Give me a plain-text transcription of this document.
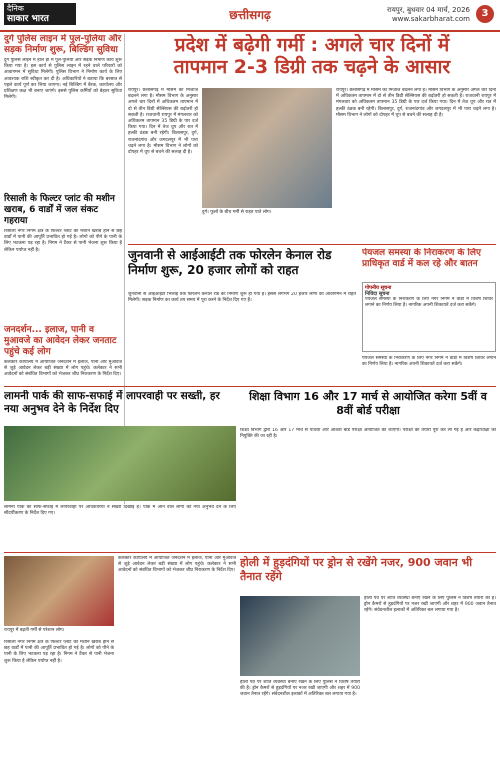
दैनिक
साकार भारत	छत्तीसगढ़	रायपुर, बुधवार 04 मार्च, 2026
www.sakarbharat.com	3
दुर्ग पुलिस लाइन में पुल-पुलिया और सड़क निर्माण शुरू, बिल्डिंग सुविधा
दुर्ग पुलिस लाइन में हाल ही में पुल-पुलिया और सड़क निर्माण कार्य शुरू किया गया है। इस कार्य से पुलिस लाइन में रहने वाले परिवारों को आवागमन में सुविधा मिलेगी। पुलिस विभाग ने निर्माण कार्य के लिए आवश्यक राशि स्वीकृत कर दी है। अधिकारियों ने बताया कि बरसात से पहले कार्य पूर्ण कर लिया जाएगा। नई बिल्डिंग में बैरक, कार्यालय और प्रशिक्षण कक्ष भी बनाए जाएंगे। इससे पुलिस कर्मियों को बेहतर सुविधा मिलेगी।
रिसाली के फिल्टर प्लांट की मशीन खराब, 6 वार्डों में जल संकट गहराया
रिसाली नगर निगम क्षेत्र के फिल्टर प्लांट की मशीन खराब होने से छह वार्डों में पानी की आपूर्ति प्रभावित हो गई है। लोगों को पीने के पानी के लिए भटकना पड़ रहा है। निगम ने टैंकर से पानी भेजना शुरू किया है लेकिन पर्याप्त नहीं है।
जनदर्शन... इलाज, पानी व मुआवजे का आवेदन लेकर जनताट पहुंचे कई लोग
कलेक्टर कार्यालय में आयोजित जनदर्शन में इलाज, पानी और मुआवजे से जुड़े आवेदन लेकर बड़ी संख्या में लोग पहुंचे। कलेक्टर ने सभी आवेदनों को संबंधित विभागों को भेजकर शीघ्र निराकरण के निर्देश दिए।
प्रदेश में बढ़ेगी गर्मी : अगले चार दिनों में
तापमान 2-3 डिग्री तक चढ़ने के आसार
रायपुर। छत्तीसगढ़ में मौसम का मिजाज बदलने लगा है। मौसम विभाग के अनुसार अगले चार दिनों में अधिकतम तापमान में दो से तीन डिग्री सेल्सियस की बढ़ोतरी हो सकती है। राजधानी रायपुर में मंगलवार को अधिकतम तापमान 35 डिग्री के पार दर्ज किया गया। दिन में तेज धूप और रात में हल्की ठंडक बनी रहेगी। बिलासपुर, दुर्ग, राजनांदगांव और जगदलपुर में भी पारा चढ़ने लगा है। मौसम विभाग ने लोगों को दोपहर में धूप से बचने की सलाह दी है।
दुर्ग। फूलों के बीच गर्मी से राहत पाते लोग।
रायपुर। छत्तीसगढ़ में मौसम का मिजाज बदलने लगा है। मौसम विभाग के अनुसार अगले चार दिनों में अधिकतम तापमान में दो से तीन डिग्री सेल्सियस की बढ़ोतरी हो सकती है। राजधानी रायपुर में मंगलवार को अधिकतम तापमान 35 डिग्री के पार दर्ज किया गया। दिन में तेज धूप और रात में हल्की ठंडक बनी रहेगी। बिलासपुर, दुर्ग, राजनांदगांव और जगदलपुर में भी पारा चढ़ने लगा है। मौसम विभाग ने लोगों को दोपहर में धूप से बचने की सलाह दी है।
जुनवानी से आईआईटी तक फोरलेन केनाल रोड निर्माण शुरू, 20 हजार लोगों को राहत
जुनवानी से आईआईटी भिलाई तक फोरलेन केनाल रोड का निर्माण शुरू हो गया है। इससे लगभग 20 हजार लोगों को आवागमन में राहत मिलेगी। सड़क निर्माण का कार्य तय समय में पूरा करने के निर्देश दिए गए हैं।
पेयजल समस्या के निराकरण के लिए प्राधिकृत वार्ड में कल रहे और बातन
गोपनीय सूचना
निविदा सूचना
पेयजल समस्या के निराकरण के लिए नगर निगम ने वार्डों में विशेष शिविर लगाने का निर्णय लिया है। नागरिक अपनी शिकायतें दर्ज करा सकेंगे।
पेयजल समस्या के निराकरण के लिए नगर निगम ने वार्डों में विशेष शिविर लगाने का निर्णय लिया है। नागरिक अपनी शिकायतें दर्ज करा सकेंगे।
लामनी पार्क की साफ-सफाई में लापरवाही पर सख्ती, हर नया अनुभव देने के निर्देश दिए
लामनी पार्क की साफ-सफाई में लापरवाही पर अधिकारियों ने सख्ती दिखाई है। पार्क में आने वाले लोगों को नया अनुभव देने के लिए सौंदर्यीकरण के निर्देश दिए गए।
शिक्षा विभाग 16 और 17 मार्च से आयोजित करेगा 5वीं व 8वीं बोर्ड परीक्षा
शिक्षा विभाग द्वारा 16 और 17 मार्च से पांचवीं और आठवीं बोर्ड परीक्षा आयोजित की जाएगी। परीक्षा की तैयारी पूरी कर ली गई है और केंद्राध्यक्षों की नियुक्ति की जा रही है।
होली में हुड़दंगियों पर ड्रोन से रखेंगे नजर, 900 जवान भी तैनात रहेंगे
होली पर्व पर शांति व्यवस्था बनाए रखने के लिए पुलिस ने विशेष तैयारी की है। ड्रोन कैमरों से हुड़दंगियों पर नजर रखी जाएगी और शहर में 900 जवान तैनात रहेंगे। संवेदनशील इलाकों में अतिरिक्त बल लगाया गया है।
होली पर्व पर शांति व्यवस्था बनाए रखने के लिए पुलिस ने विशेष तैयारी की है। ड्रोन कैमरों से हुड़दंगियों पर नजर रखी जाएगी और शहर में 900 जवान तैनात रहेंगे। संवेदनशील इलाकों में अतिरिक्त बल लगाया गया है।
रायपुर में बढ़ती गर्मी से परेशान लोग।
कलेक्टर कार्यालय में आयोजित जनदर्शन में इलाज, पानी और मुआवजे से जुड़े आवेदन लेकर बड़ी संख्या में लोग पहुंचे। कलेक्टर ने सभी आवेदनों को संबंधित विभागों को भेजकर शीघ्र निराकरण के निर्देश दिए।
रिसाली नगर निगम क्षेत्र के फिल्टर प्लांट की मशीन खराब होने से छह वार्डों में पानी की आपूर्ति प्रभावित हो गई है। लोगों को पीने के पानी के लिए भटकना पड़ रहा है। निगम ने टैंकर से पानी भेजना शुरू किया है लेकिन पर्याप्त नहीं है।
